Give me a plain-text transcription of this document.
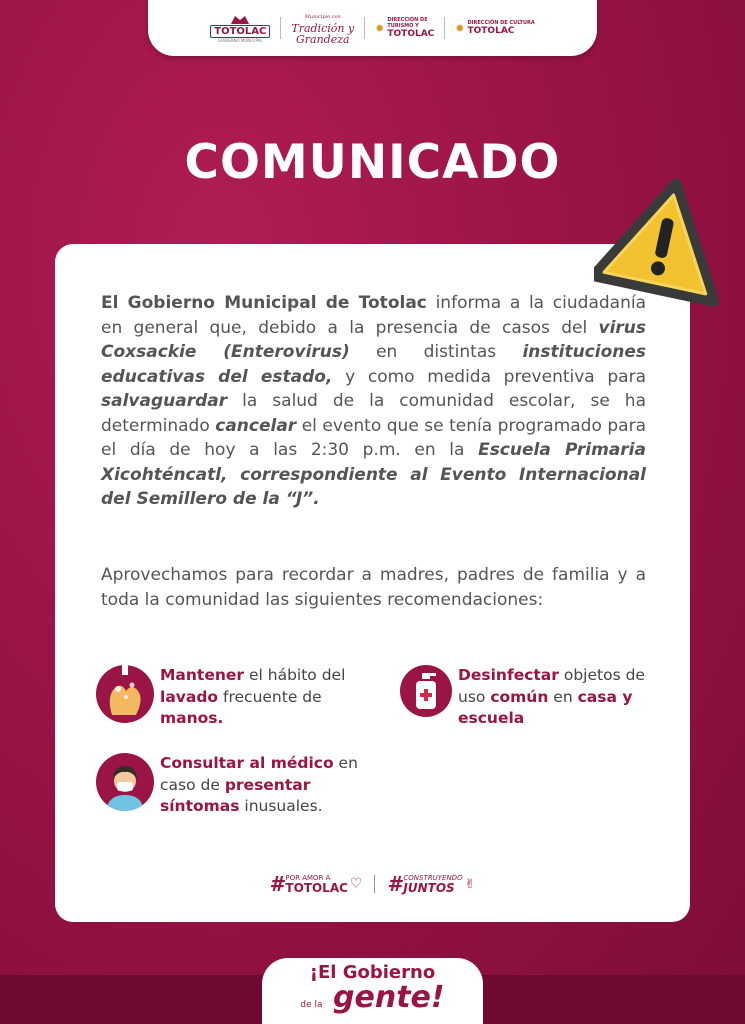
TOTOLAC
GOBIERNO MUNICIPAL
Municipio con
Tradición y
Grandeza
✹
DIRECCIÓN DE
TURISMO Y
TOTOLAC ✹ DIRECCIÓN DE CULTURA
TOTOLAC
COMUNICADO

El Gobierno Municipal de Totolac informa a la ciudadanía en general que, debido a la presencia de casos del virus Coxsackie (Enterovirus) en distintas instituciones educativas del estado, y como medida preventiva para salvaguardar la salud de la comunidad escolar, se ha determinado cancelar el evento que se tenía programado para el día de hoy a las 2:30 p.m. en la Escuela Primaria Xicohténcatl, correspondiente al Evento Internacional del Semillero de la “J”.

Aprovechamos para recordar a madres, padres de familia y a toda la comunidad las siguientes recomendaciones:

Mantener el hábito del lavado frecuente de manos.
Desinfectar objetos de uso común en casa y escuela
Consultar al médico en caso de presentar síntomas inusuales.
# POR AMOR A
TOTOLAC ♡ # CONSTRUYENDO
JUNTOS ✌
¡El Gobierno
de la gente!
